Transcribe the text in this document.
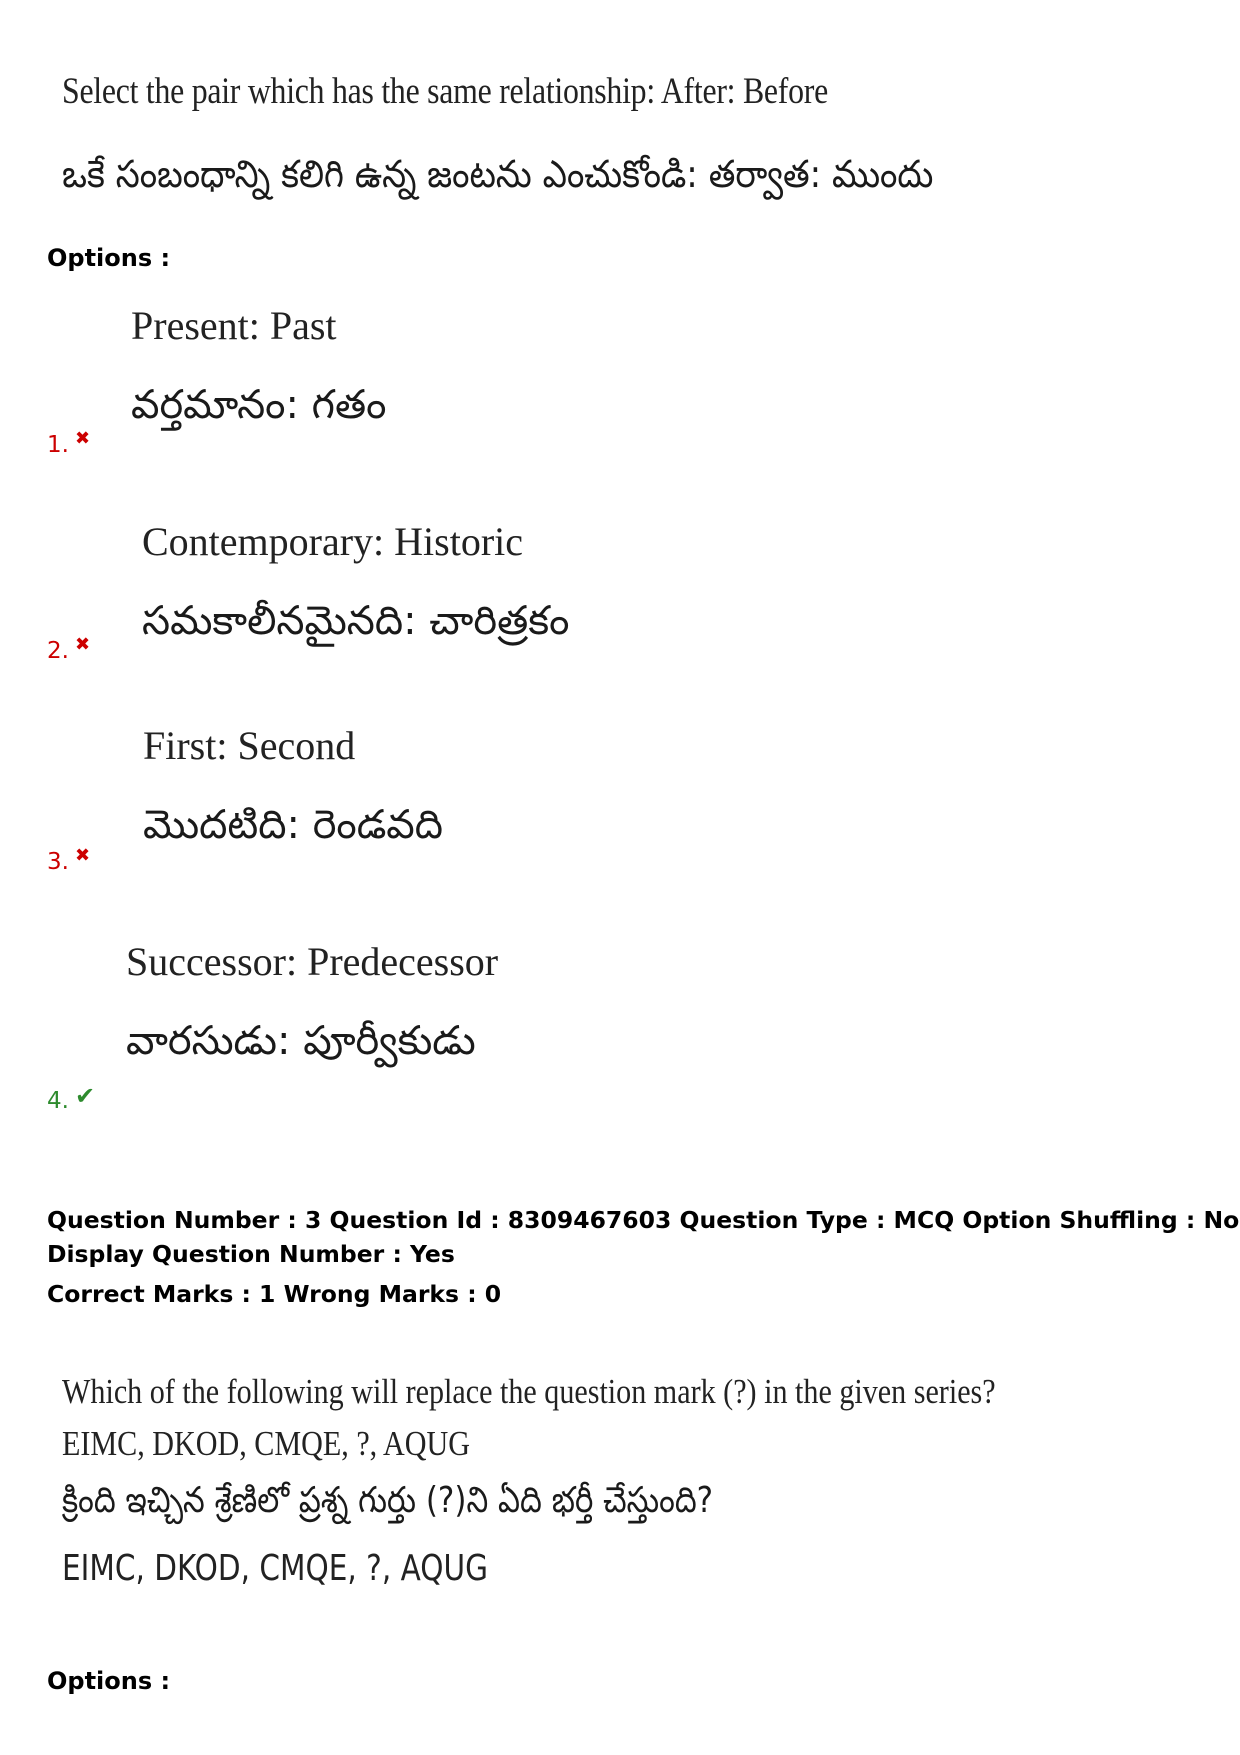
Select the pair which has the same relationship: After: Before
ఒకే సంబంధాన్ని కలిగి ఉన్న జంటను ఎంచుకోండి: తర్వాత: ముందు
Options :
Present: Past
వర్తమానం: గతం
1. ✖
Contemporary: Historic
సమకాలీనమైనది: చారిత్రకం
2. ✖
First: Second
మొదటిది: రెండవది
3. ✖
Successor: Predecessor
వారసుడు: పూర్వీకుడు
4. ✔
Question Number : 3 Question Id : 8309467603 Question Type : MCQ Option Shuffling : No
Display Question Number : Yes
Correct Marks : 1 Wrong Marks : 0
Which of the following will replace the question mark (?) in the given series?
EIMC, DKOD, CMQE, ?, AQUG
క్రింది ఇచ్చిన శ్రేణిలో ప్రశ్న గుర్తు (?)ని ఏది భర్తీ చేస్తుంది?
EIMC, DKOD, CMQE, ?, AQUG
Options :
